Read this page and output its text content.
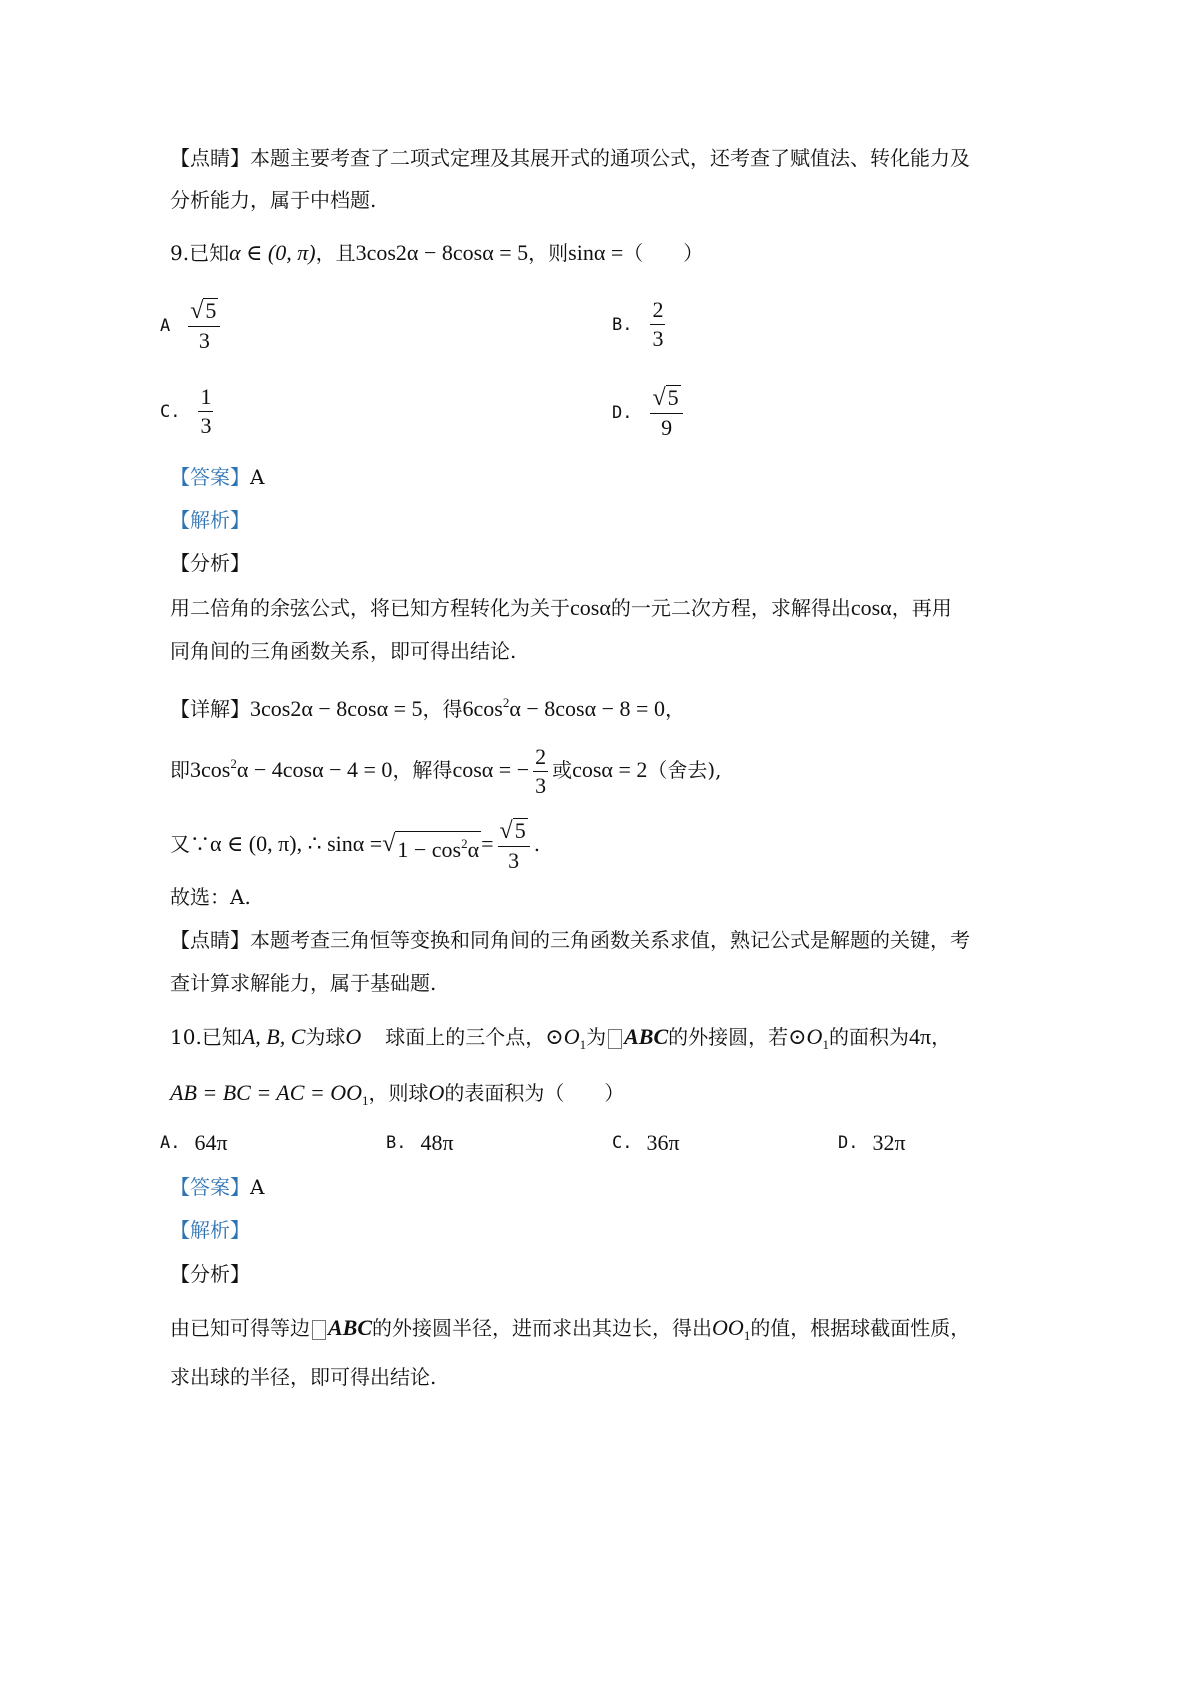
【点睛】本题主要考查了二项式定理及其展开式的通项公式，还考查了赋值法、转化能力及
分析能力，属于中档题.
9.已知α ∈ (0, π)，且3cos2α − 8cosα = 5，则sinα =（　　）
A $\frac{√ 5}{3}$	B. $\frac{2}{3}$
C. $\frac{1}{3}$	D. $\frac{√ 5}{9}$
【答案】A
【解析】
【分析】
用二倍角的余弦公式，将已知方程转化为关于cosα的一元二次方程，求解得出cosα，再用
同角间的三角函数关系，即可得出结论.
【详解】3cos2α − 8cosα = 5，得$6\cos^2\alpha - 8\cos\alpha - 8 = 0$，
即$3\cos^2\alpha - 4\cos\alpha - 4 = 0$，解得cosα = − $\frac{2}{3}$ 或cosα = 2（舍去),
又∵α ∈ (0, π), ∴ sinα = √ $1 - \cos^2\alpha = \frac{√ 5}{3}$ .
故选：A.
【点睛】本题考查三角恒等变换和同角间的三角函数关系求值，熟记公式是解题的关键，考
查计算求解能力，属于基础题.
10.已知A, B, C为球O 球面上的三个点，$⊙O_1$为 ABC的外接圆，若$⊙O_1$的面积为4π，
AB = BC = AC = $OO_1$，则球O的表面积为（　　）
A. 64π	B. 48π	C. 36π	D. 32π
【答案】A
【解析】
【分析】
由已知可得等边 ABC的外接圆半径，进而求出其边长，得出$OO_1$的值，根据球截面性质，
求出球的半径，即可得出结论.
